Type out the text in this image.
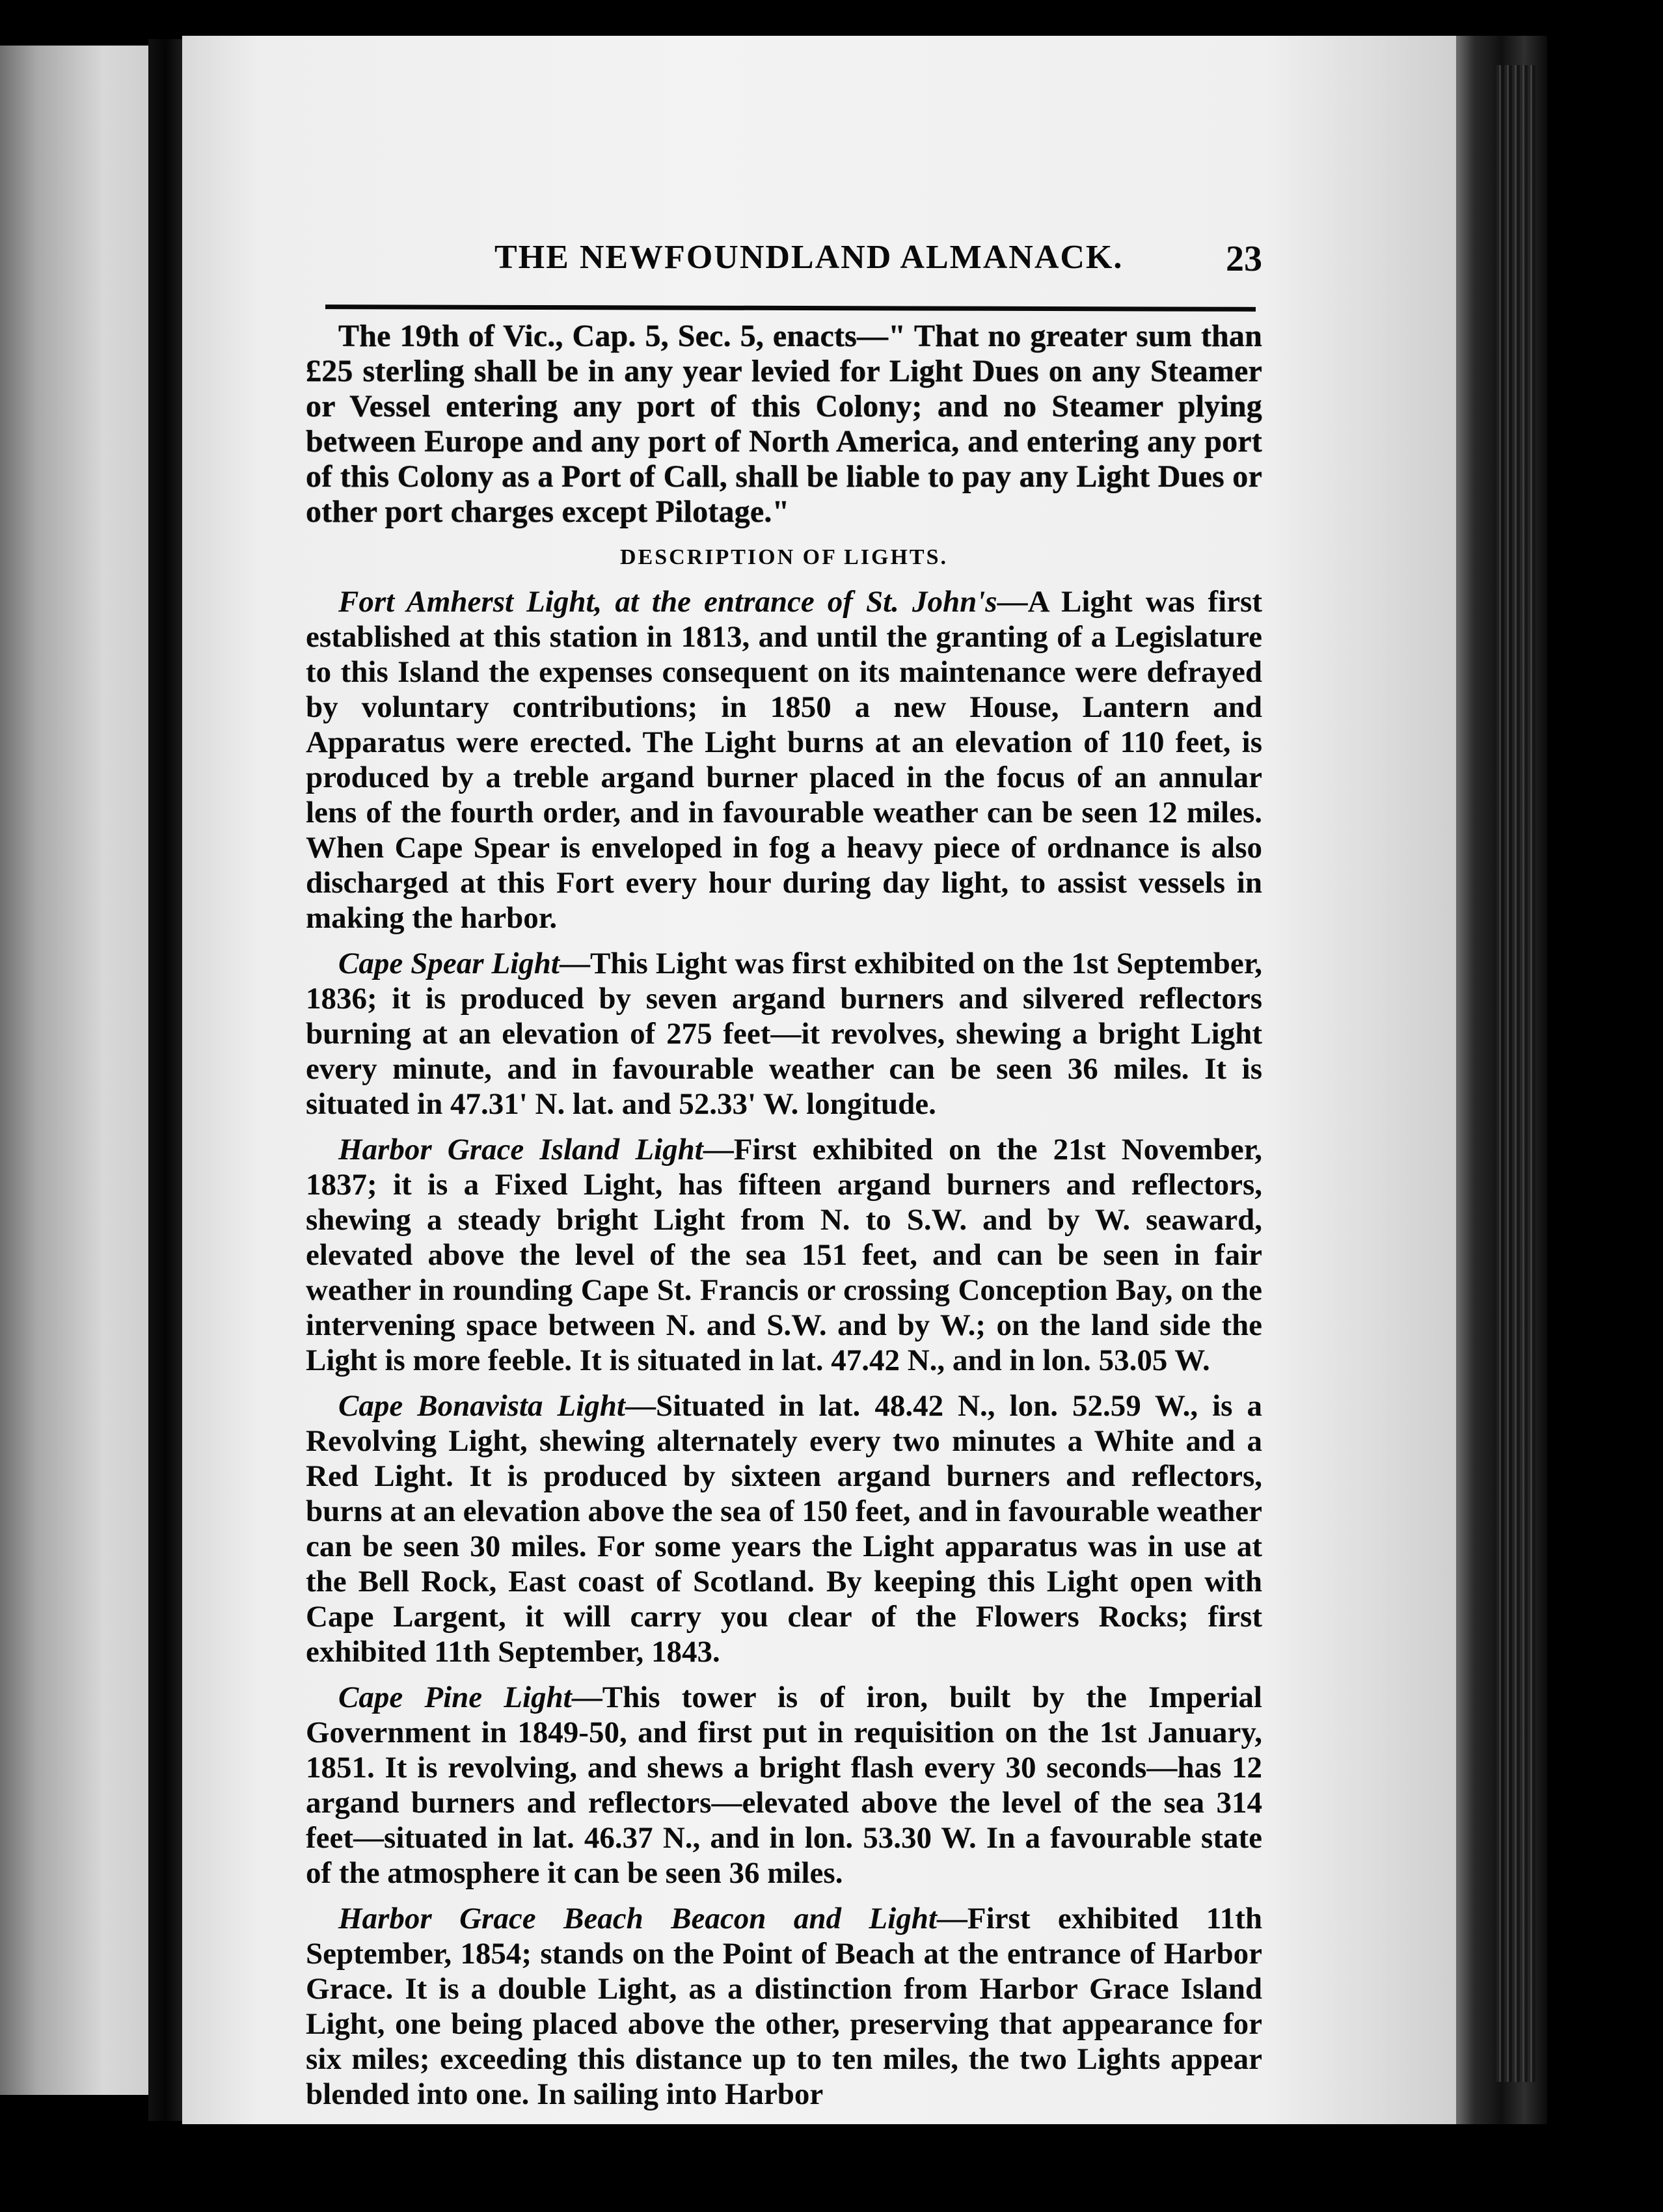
THE NEWFOUNDLAND ALMANACK.	23

The 19th of Vic., Cap. 5, Sec. 5, enacts—" That no greater sum than £25 sterling shall be in any year levied for Light Dues on any Steamer or Vessel entering any port of this Colony; and no Steamer plying between Europe and any port of North America, and entering any port of this Colony as a Port of Call, shall be liable to pay any Light Dues or other port charges except Pilotage."

DESCRIPTION OF LIGHTS.

Fort Amherst Light, at the entrance of St. John's—A Light was first established at this station in 1813, and until the granting of a Legislature to this Island the expenses consequent on its maintenance were defrayed by voluntary contributions; in 1850 a new House, Lantern and Apparatus were erected. The Light burns at an elevation of 110 feet, is produced by a treble argand burner placed in the focus of an annular lens of the fourth order, and in favourable weather can be seen 12 miles. When Cape Spear is enveloped in fog a heavy piece of ordnance is also discharged at this Fort every hour during day light, to assist vessels in making the harbor.

Cape Spear Light—This Light was first exhibited on the 1st September, 1836; it is produced by seven argand burners and silvered reflectors burning at an elevation of 275 feet—it revolves, shewing a bright Light every minute, and in favourable weather can be seen 36 miles. It is situated in 47.31' N. lat. and 52.33' W. longitude.

Harbor Grace Island Light—First exhibited on the 21st November, 1837; it is a Fixed Light, has fifteen argand burners and reflectors, shewing a steady bright Light from N. to S.W. and by W. seaward, elevated above the level of the sea 151 feet, and can be seen in fair weather in rounding Cape St. Francis or crossing Conception Bay, on the intervening space between N. and S.W. and by W.; on the land side the Light is more feeble. It is situated in lat. 47.42 N., and in lon. 53.05 W.

Cape Bonavista Light—Situated in lat. 48.42 N., lon. 52.59 W., is a Revolving Light, shewing alternately every two minutes a White and a Red Light. It is produced by sixteen argand burners and reflectors, burns at an elevation above the sea of 150 feet, and in favourable weather can be seen 30 miles. For some years the Light apparatus was in use at the Bell Rock, East coast of Scotland. By keeping this Light open with Cape Largent, it will carry you clear of the Flowers Rocks; first exhibited 11th September, 1843.

Cape Pine Light—This tower is of iron, built by the Imperial Government in 1849-50, and first put in requisition on the 1st January, 1851. It is revolving, and shews a bright flash every 30 seconds—has 12 argand burners and reflectors—elevated above the level of the sea 314 feet—situated in lat. 46.37 N., and in lon. 53.30 W. In a favourable state of the atmosphere it can be seen 36 miles.

Harbor Grace Beach Beacon and Light—First exhibited 11th September, 1854; stands on the Point of Beach at the entrance of Harbor Grace. It is a double Light, as a distinction from Harbor Grace Island Light, one being placed above the other, preserving that appearance for six miles; exceeding this distance up to ten miles, the two Lights appear blended into one. In sailing into Harbor
